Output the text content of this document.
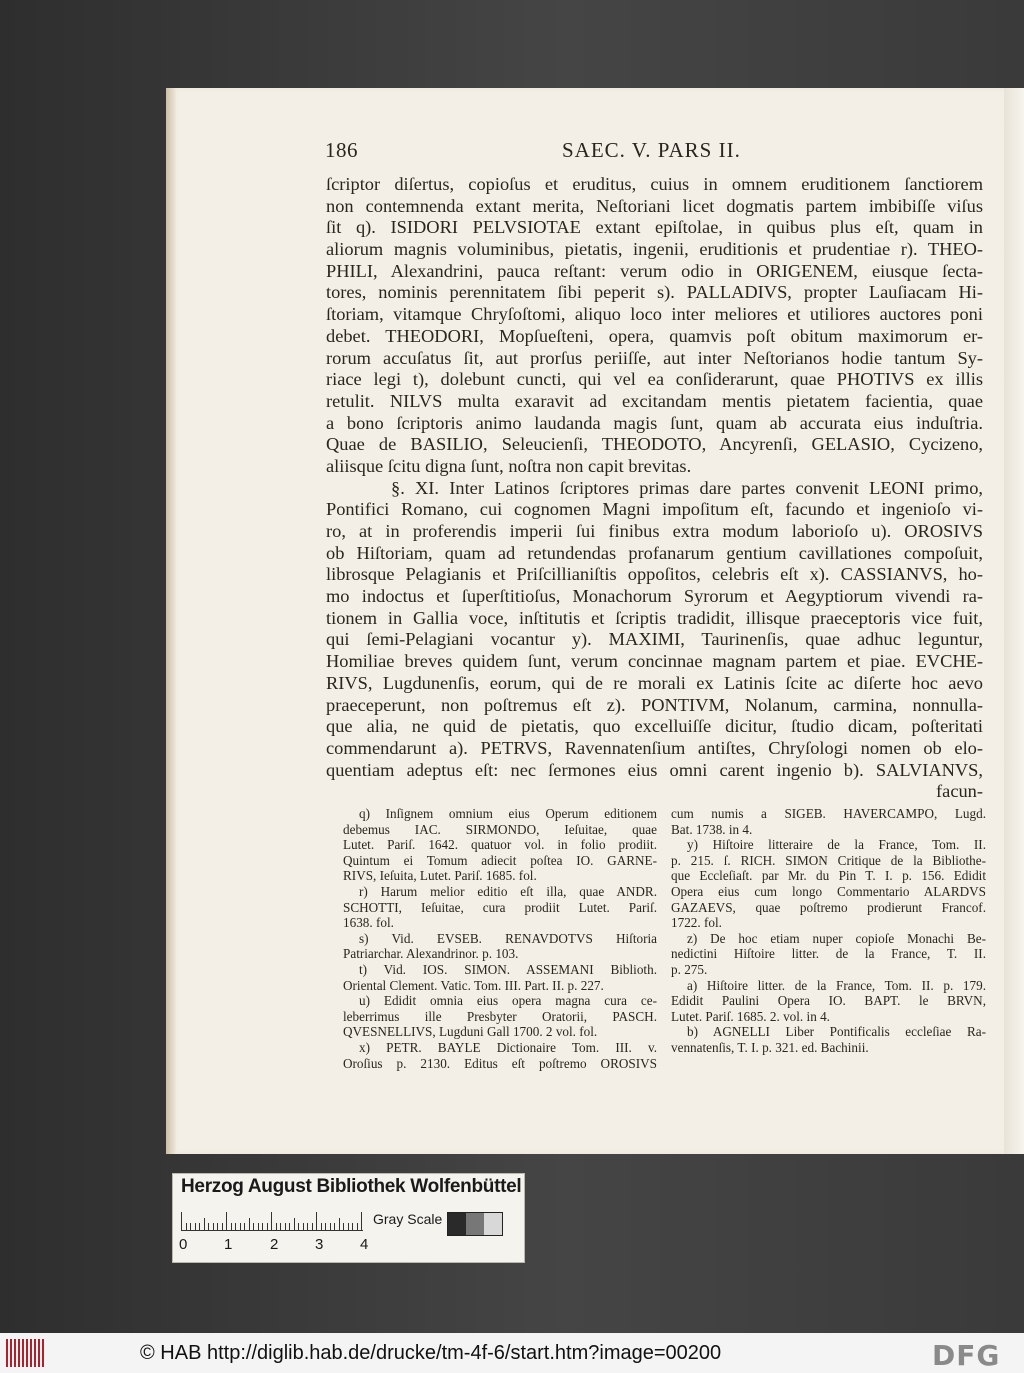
186	SAEC. V. PARS II.
ſcriptor diſertus, copioſus et eruditus, cuius in omnem eruditionem ſanctiorem
non contemnenda extant merita, Neſtoriani licet dogmatis partem imbibiſſe viſus
ſit q). ISIDORI PELVSIOTAE extant epiſtolae, in quibus plus eſt, quam in
aliorum magnis voluminibus, pietatis, ingenii, eruditionis et prudentiae r). THEO-
PHILI, Alexandrini, pauca reſtant: verum odio in ORIGENEM, eiusque ſecta-
tores, nominis perennitatem ſibi peperit s). PALLADIVS, propter Lauſiacam Hi-
ſtoriam, vitamque Chryſoſtomi, aliquo loco inter meliores et utiliores auctores poni
debet. THEODORI, Mopſueſteni, opera, quamvis poſt obitum maximorum er-
rorum accuſatus ſit, aut prorſus periiſſe, aut inter Neſtorianos hodie tantum Sy-
riace legi t), dolebunt cuncti, qui vel ea conſiderarunt, quae PHOTIVS ex illis
retulit. NILVS multa exaravit ad excitandam mentis pietatem facientia, quae
a bono ſcriptoris animo laudanda magis ſunt, quam ab accurata eius induſtria.
Quae de BASILIO, Seleucienſi, THEODOTO, Ancyrenſi, GELASIO, Cycizeno,
aliisque ſcitu digna ſunt, noſtra non capit brevitas.
§. XI. Inter Latinos ſcriptores primas dare partes convenit LEONI primo,
Pontifici Romano, cui cognomen Magni impoſitum eſt, facundo et ingenioſo vi-
ro, at in proferendis imperii ſui finibus extra modum laborioſo u). OROSIVS
ob Hiſtoriam, quam ad retundendas profanarum gentium cavillationes compoſuit,
librosque Pelagianis et Priſcillianiſtis oppoſitos, celebris eſt x). CASSIANVS, ho-
mo indoctus et ſuperſtitioſus, Monachorum Syrorum et Aegyptiorum vivendi ra-
tionem in Gallia voce, inſtitutis et ſcriptis tradidit, illisque praeceptoris vice fuit,
qui ſemi-Pelagiani vocantur y). MAXIMI, Taurinenſis, quae adhuc leguntur,
Homiliae breves quidem ſunt, verum concinnae magnam partem et piae. EVCHE-
RIVS, Lugdunenſis, eorum, qui de re morali ex Latinis ſcite ac diſerte hoc aevo
praeceperunt, non poſtremus eſt z). PONTIVM, Nolanum, carmina, nonnulla-
que alia, ne quid de pietatis, quo excelluiſſe dicitur, ſtudio dicam, poſteritati
commendarunt a). PETRVS, Ravennatenſium antiſtes, Chryſologi nomen ob elo-
quentiam adeptus eſt: nec ſermones eius omni carent ingenio b). SALVIANVS,
facun-
q) Inſignem omnium eius Operum editionem
debemus IAC. SIRMONDO, Ieſuitae, quae
Lutet. Pariſ. 1642. quatuor vol. in folio prodiit.
Quintum ei Tomum adiecit poſtea IO. GARNE-
RIVS, Ieſuita, Lutet. Pariſ. 1685. fol.
r) Harum melior editio eſt illa, quae ANDR.
SCHOTTI, Ieſuitae, cura prodiit Lutet. Pariſ.
1638. fol.
s) Vid. EVSEB. RENAVDOTVS Hiſtoria
Patriarchar. Alexandrinor. p. 103.
t) Vid. IOS. SIMON. ASSEMANI Biblioth.
Oriental Clement. Vatic. Tom. III. Part. II. p. 227.
u) Edidit omnia eius opera magna cura ce-
leberrimus ille Presbyter Oratorii, PASCH.
QVESNELLIVS, Lugduni Gall 1700. 2 vol. fol.
x) PETR. BAYLE Dictionaire Tom. III. v.
Oroſius p. 2130. Editus eſt poſtremo OROSIVS
cum numis a SIGEB. HAVERCAMPO, Lugd.
Bat. 1738. in 4.
y) Hiſtoire litteraire de la France, Tom. II.
p. 215. ſ. RICH. SIMON Critique de la Bibliothe-
que Eccleſiaſt. par Mr. du Pin T. I. p. 156. Edidit
Opera eius cum longo Commentario ALARDVS
GAZAEVS, quae poſtremo prodierunt Francof.
1722. fol.
z) De hoc etiam nuper copioſe Monachi Be-
nedictini Hiſtoire litter. de la France, T. II.
p. 275.
a) Hiſtoire litter. de la France, Tom. II. p. 179.
Edidit Paulini Opera IO. BAPT. le BRVN,
Lutet. Pariſ. 1685. 2. vol. in 4.
b) AGNELLI Liber Pontificalis eccleſiae Ra-
vennatenſis, T. I. p. 321. ed. Bachinii.
Herzog August Bibliothek Wolfenbüttel
Gray Scale
0 1	2 3 4
© HAB http://diglib.hab.de/drucke/tm-4f-6/start.htm?image=00200	DFG
